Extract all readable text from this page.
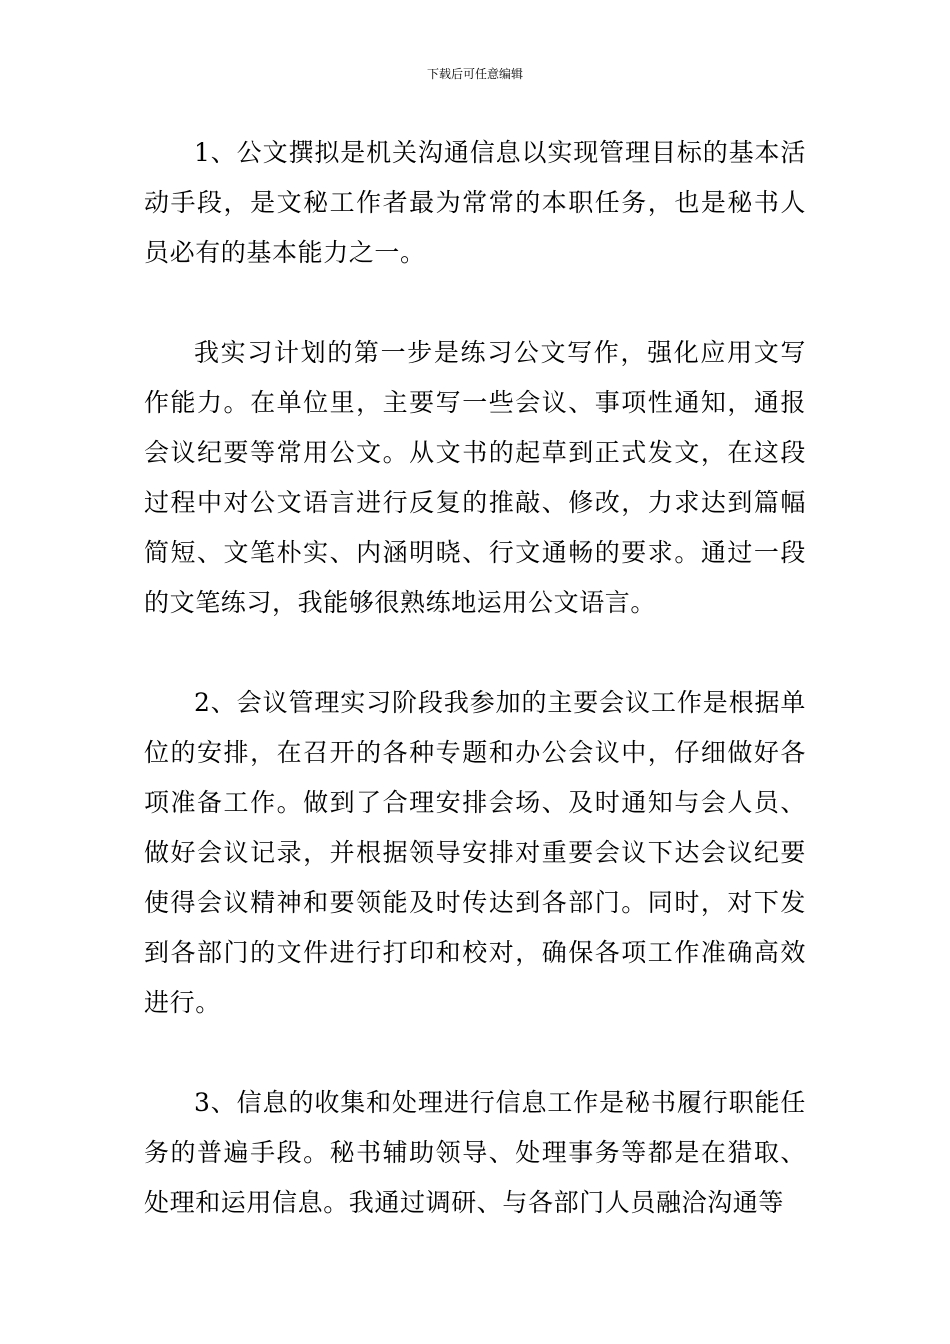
下载后可任意编辑

1、公文撰拟是机关沟通信息以实现管理目标的基本活动手段，是文秘工作者最为常常的本职任务，也是秘书人员必有的基本能力之一。

我实习计划的第一步是练习公文写作，强化应用文写作能力。在单位里，主要写一些会议、事项性通知，通报会议纪要等常用公文。从文书的起草到正式发文，在这段过程中对公文语言进行反复的推敲、修改，力求达到篇幅简短、文笔朴实、内涵明晓、行文通畅的要求。通过一段的文笔练习，我能够很熟练地运用公文语言。

2、会议管理实习阶段我参加的主要会议工作是根据单位的安排，在召开的各种专题和办公会议中，仔细做好各项准备工作。做到了合理安排会场、及时通知与会人员、做好会议记录，并根据领导安排对重要会议下达会议纪要使得会议精神和要领能及时传达到各部门。同时，对下发到各部门的文件进行打印和校对，确保各项工作准确高效进行。

3、信息的收集和处理进行信息工作是秘书履行职能任务的普遍手段。秘书辅助领导、处理事务等都是在猎取、处理和运用信息。我通过调研、与各部门人员融洽沟通等
